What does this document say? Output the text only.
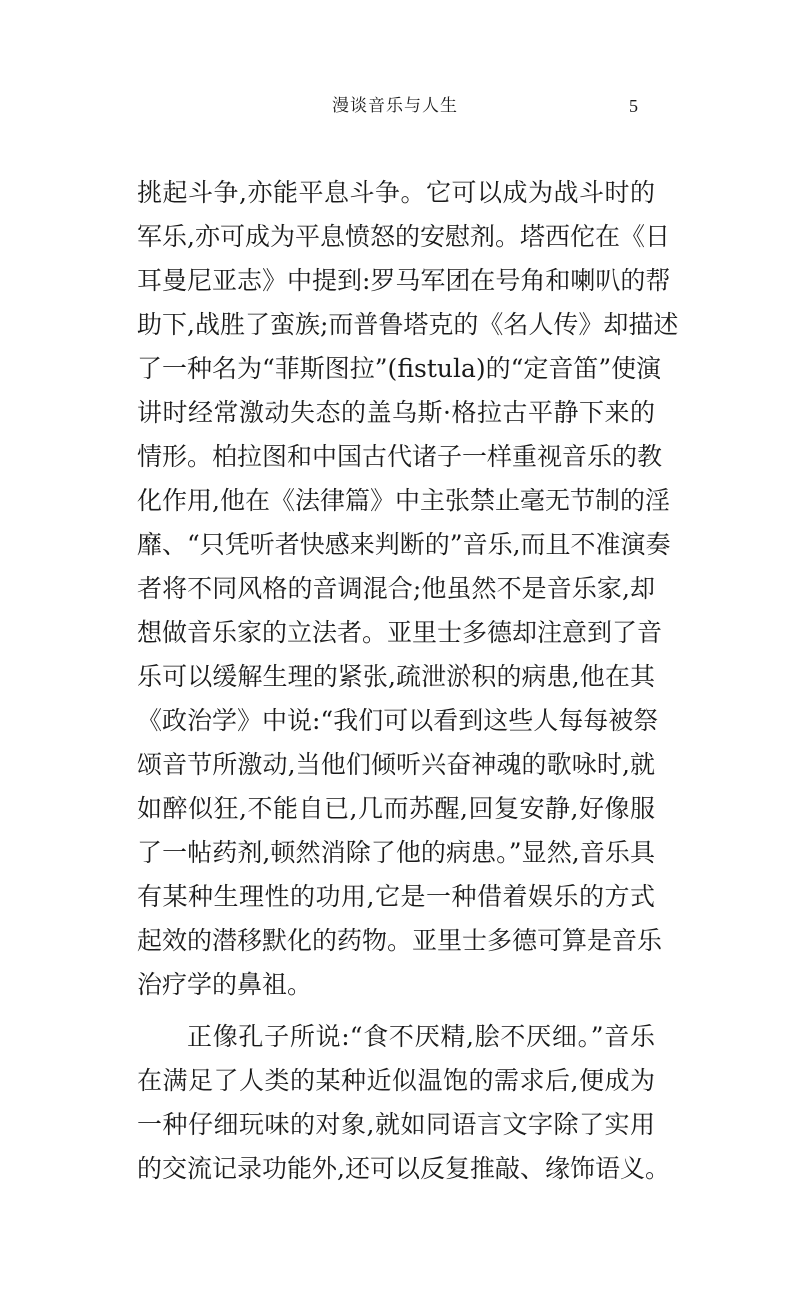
漫谈音乐与人生	5
挑起斗争,亦能平息斗争。它可以成为战斗时的
军乐,亦可成为平息愤怒的安慰剂。塔西佗在《日
耳曼尼亚志》中提到:罗马军团在号角和喇叭的帮
助下,战胜了蛮族;而普鲁塔克的《名人传》却描述
了一种名为“菲斯图拉”(fistula)的“定音笛”使演
讲时经常激动失态的盖乌斯·格拉古平静下来的
情形。柏拉图和中国古代诸子一样重视音乐的教
化作用,他在《法律篇》中主张禁止毫无节制的淫
靡、“只凭听者快感来判断的”音乐,而且不准演奏
者将不同风格的音调混合;他虽然不是音乐家,却
想做音乐家的立法者。亚里士多德却注意到了音
乐可以缓解生理的紧张,疏泄淤积的病患,他在其
《政治学》中说:“我们可以看到这些人每每被祭
颂音节所激动,当他们倾听兴奋神魂的歌咏时,就
如醉似狂,不能自已,几而苏醒,回复安静,好像服
了一帖药剂,顿然消除了他的病患。”显然,音乐具
有某种生理性的功用,它是一种借着娱乐的方式
起效的潜移默化的药物。亚里士多德可算是音乐
治疗学的鼻祖。
正像孔子所说:“食不厌精,脍不厌细。”音乐
在满足了人类的某种近似温饱的需求后,便成为
一种仔细玩味的对象,就如同语言文字除了实用
的交流记录功能外,还可以反复推敲、缘饰语义。
